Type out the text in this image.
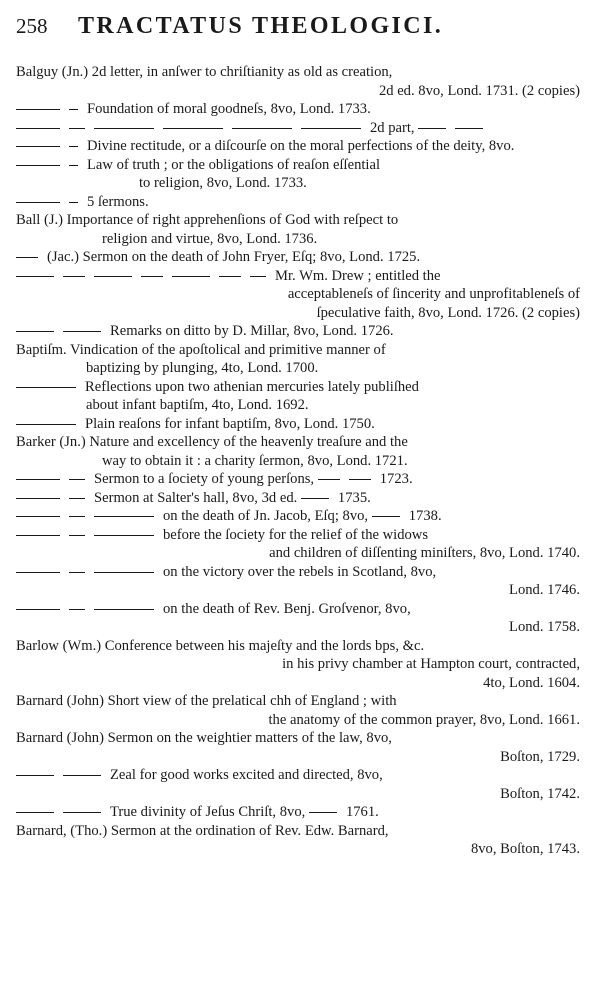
258 TRACTATUS THEOLOGICI.
Balguy (Jn.) 2d letter, in anſwer to chriſtianity as old as creation,
2d ed. 8vo, Lond. 1731. (2 copies)
Foundation of moral goodneſs, 8vo, Lond. 1733.
2d part,
Divine rectitude, or a diſcourſe on the moral perfections of the deity, 8vo.
Law of truth ; or the obligations of reaſon eſſential
to religion, 8vo, Lond. 1733.
5 ſermons.
Ball (J.) Importance of right apprehenſions of God with reſpect to
religion and virtue, 8vo, Lond. 1736.
(Jac.) Sermon on the death of John Fryer, Eſq; 8vo, Lond. 1725.
Mr. Wm. Drew ; entitled the
acceptableneſs of ſincerity and unprofitableneſs of
ſpeculative faith, 8vo, Lond. 1726. (2 copies)
Remarks on ditto by D. Millar, 8vo, Lond. 1726.
Baptiſm. Vindication of the apoſtolical and primitive manner of
baptizing by plunging, 4to, Lond. 1700.
Reflections upon two athenian mercuries lately publiſhed
about infant baptiſm, 4to, Lond. 1692.
Plain reaſons for infant baptiſm, 8vo, Lond. 1750.
Barker (Jn.) Nature and excellency of the heavenly treaſure and the
way to obtain it : a charity ſermon, 8vo, Lond. 1721.
Sermon to a ſociety of young perſons,	1723.
Sermon at Salter's hall, 8vo, 3d ed.	1735.
on the death of Jn. Jacob, Eſq; 8vo,	1738.
before the ſociety for the relief of the widows
and children of diſſenting miniſters, 8vo, Lond. 1740.
on the victory over the rebels in Scotland, 8vo,
Lond. 1746.
on the death of Rev. Benj. Groſvenor, 8vo,
Lond. 1758.
Barlow (Wm.) Conference between his majeſty and the lords bps, &c.
in his privy chamber at Hampton court, contracted,
4to, Lond. 1604.
Barnard (John) Short view of the prelatical chh of England ; with
the anatomy of the common prayer, 8vo, Lond. 1661.
Barnard (John) Sermon on the weightier matters of the law, 8vo,
Boſton, 1729.
Zeal for good works excited and directed, 8vo,
Boſton, 1742.
True divinity of Jeſus Chriſt, 8vo,	1761.
Barnard, (Tho.) Sermon at the ordination of Rev. Edw. Barnard,
8vo, Boſton, 1743.
